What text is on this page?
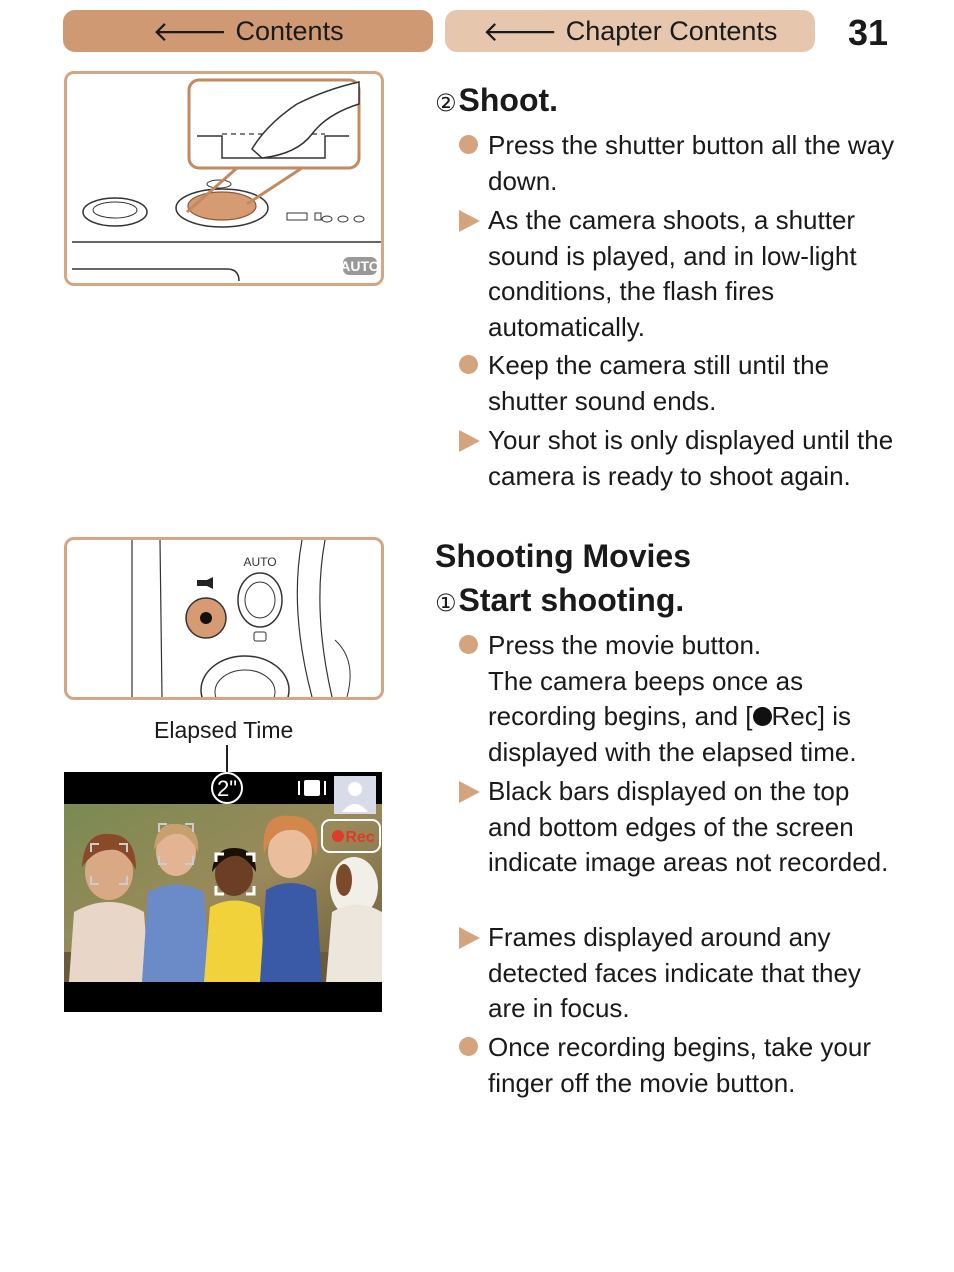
🡐 Contents	🡐 Chapter Contents 31
AUTO
② Shoot.
Press the shutter button all the way down.
As the camera shoots, a shutter sound is played, and in low-light conditions, the flash fires automatically.
Keep the camera still until the shutter sound ends.
Your shot is only displayed until the camera is ready to shoot again.
AUTO
Elapsed Time
2"
Rec
Shooting Movies
① Start shooting.
Press the movie button.
The camera beeps once as recording begins, and [ Rec] is displayed with the elapsed time.
Black bars displayed on the top and bottom edges of the screen indicate image areas not recorded.
Frames displayed around any detected faces indicate that they are in focus.
Once recording begins, take your finger off the movie button.
